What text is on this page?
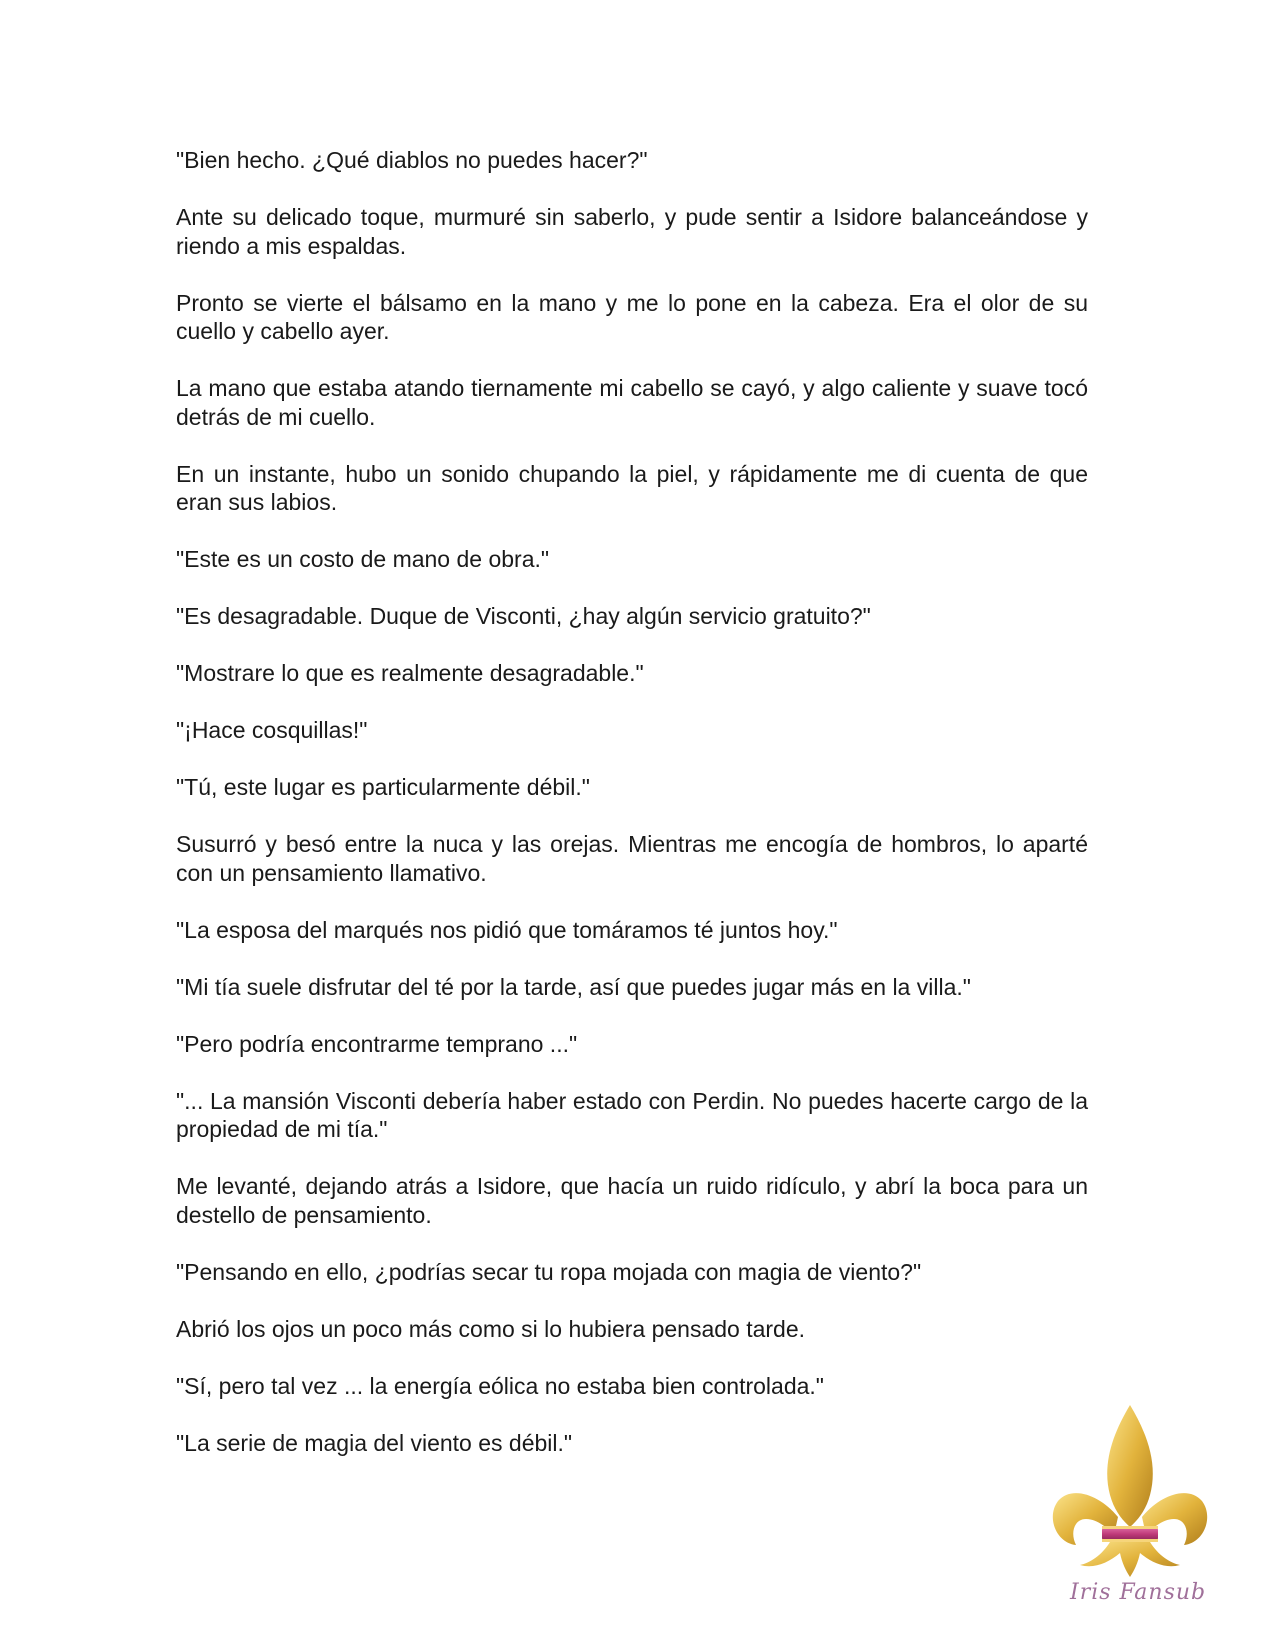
"Bien hecho. ¿Qué diablos no puedes hacer?"

Ante su delicado toque, murmuré sin saberlo, y pude sentir a Isidore balanceándose y riendo a mis espaldas.

Pronto se vierte el bálsamo en la mano y me lo pone en la cabeza. Era el olor de su cuello y cabello ayer.

La mano que estaba atando tiernamente mi cabello se cayó, y algo caliente y suave tocó detrás de mi cuello.

En un instante, hubo un sonido chupando la piel, y rápidamente me di cuenta de que eran sus labios.

"Este es un costo de mano de obra."

"Es desagradable. Duque de Visconti, ¿hay algún servicio gratuito?"

"Mostrare lo que es realmente desagradable."

"¡Hace cosquillas!"

"Tú, este lugar es particularmente débil."

Susurró y besó entre la nuca y las orejas. Mientras me encogía de hombros, lo aparté con un pensamiento llamativo.

"La esposa del marqués nos pidió que tomáramos té juntos hoy."

"Mi tía suele disfrutar del té por la tarde, así que puedes jugar más en la villa."

"Pero podría encontrarme temprano ..."

"... La mansión Visconti debería haber estado con Perdin. No puedes hacerte cargo de la propiedad de mi tía."

Me levanté, dejando atrás a Isidore, que hacía un ruido ridículo, y abrí la boca para un destello de pensamiento.

"Pensando en ello, ¿podrías secar tu ropa mojada con magia de viento?"

Abrió los ojos un poco más como si lo hubiera pensado tarde.

"Sí, pero tal vez ... la energía eólica no estaba bien controlada."

"La serie de magia del viento es débil."

Iris Fansub
